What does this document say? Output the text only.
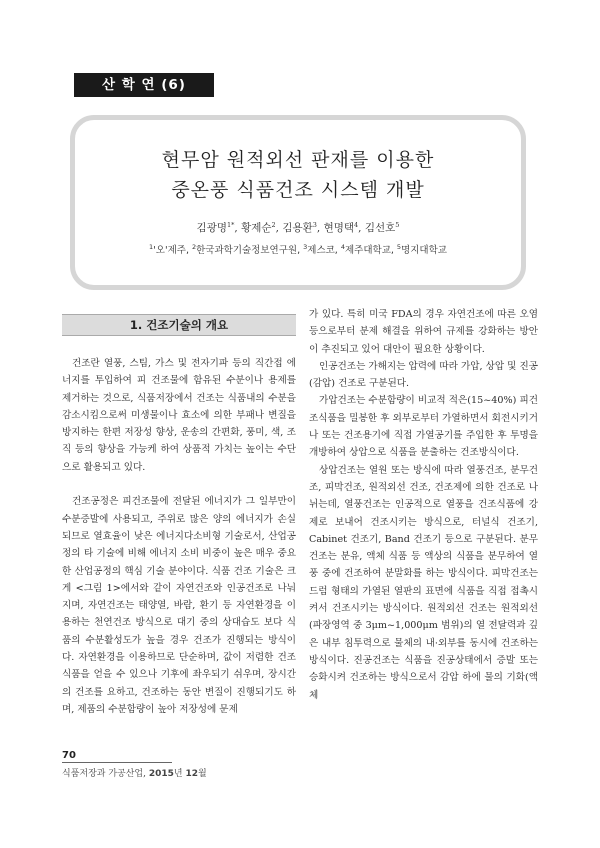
산 학 연 (6)
현무암 원적외선 판재를 이용한
중온풍 식품건조 시스템 개발
김광명$^{1*}$, 황제순$^2$, 김용환$^3$, 현명택$^4$, 김선호$^5$
$^1$'오'제주, $^2$한국과학기술정보연구원, $^3$제스코, $^4$제주대학교, $^5$명지대학교
1. 건조기술의 개요

건조란 열풍, 스팀, 가스 및 전자기파 등의 직간접 에너지를 투입하여 피 건조물에 함유된 수분이나 용제를 제거하는 것으로, 식품저장에서 건조는 식품내의 수분을 감소시킴으로써 미생물이나 효소에 의한 부패나 변질을 방지하는 한편 저장성 향상, 운송의 간편화, 풍미, 색, 조직 등의 향상을 가능케 하여 상품적 가치는 높이는 수단으로 활용되고 있다.

건조공정은 피건조물에 전달된 에너지가 그 일부만이 수분증발에 사용되고, 주위로 많은 양의 에너지가 손실되므로 열효율이 낮은 에너지다소비형 기술로서, 산업공정의 타 기술에 비해 에너지 소비 비중이 높은 매우 중요한 산업공정의 핵심 기술 분야이다. 식품 건조 기술은 크게 <그림 1>에서와 같이 자연건조와 인공건조로 나눠지며, 자연건조는 태양열, 바람, 환기 등 자연환경을 이용하는 천연건조 방식으로 대기 중의 상대습도 보다 식품의 수분활성도가 높을 경우 건조가 진행되는 방식이다. 자연환경을 이용하므로 단순하며, 값이 저렴한 건조식품을 얻을 수 있으나 기후에 좌우되기 쉬우며, 장시간의 건조를 요하고, 건조하는 동안 변질이 진행되기도 하며, 제품의 수분함량이 높아 저장성에 문제

가 있다. 특히 미국 FDA의 경우 자연건조에 따른 오염 등으로부터 분제 해결을 위하여 규제를 강화하는 방안이 추진되고 있어 대안이 필요한 상황이다.

인공건조는 가해지는 압력에 따라 가압, 상압 및 진공(감압) 건조로 구분된다.

가압건조는 수분함량이 비교적 적은(15~40%) 피건조식품을 밀봉한 후 외부로부터 가열하면서 회전시키거나 또는 건조용기에 직접 가열공기를 주입한 후 투명을 개방하여 상압으로 식품을 분출하는 건조방식이다.

상압건조는 열원 또는 방식에 따라 열풍건조, 분무건조, 피막건조, 원적외선 건조, 건조제에 의한 건조로 나뉘는데, 열풍건조는 인공적으로 열풍을 건조식품에 강제로 보내어 건조시키는 방식으로, 터널식 건조기, Cabinet 건조기, Band 건조기 등으로 구분된다. 분무건조는 분유, 액체 식품 등 액상의 식품을 분무하여 열풍 중에 건조하여 분말화를 하는 방식이다. 피막건조는 드럼 형태의 가열된 열판의 표면에 식품을 직접 접촉시켜서 건조시키는 방식이다. 원적외선 건조는 원적외선(파장영역 중 3μm~1,000μm 범위)의 열 전달력과 깊은 내부 침투력으로 물체의 내·외부를 동시에 건조하는 방식이다. 진공건조는 식품을 진공상태에서 증발 또는 승화시켜 건조하는 방식으로서 감압 하에 물의 기화(액체

70
식품저장과 가공산업, 2015년 12월
